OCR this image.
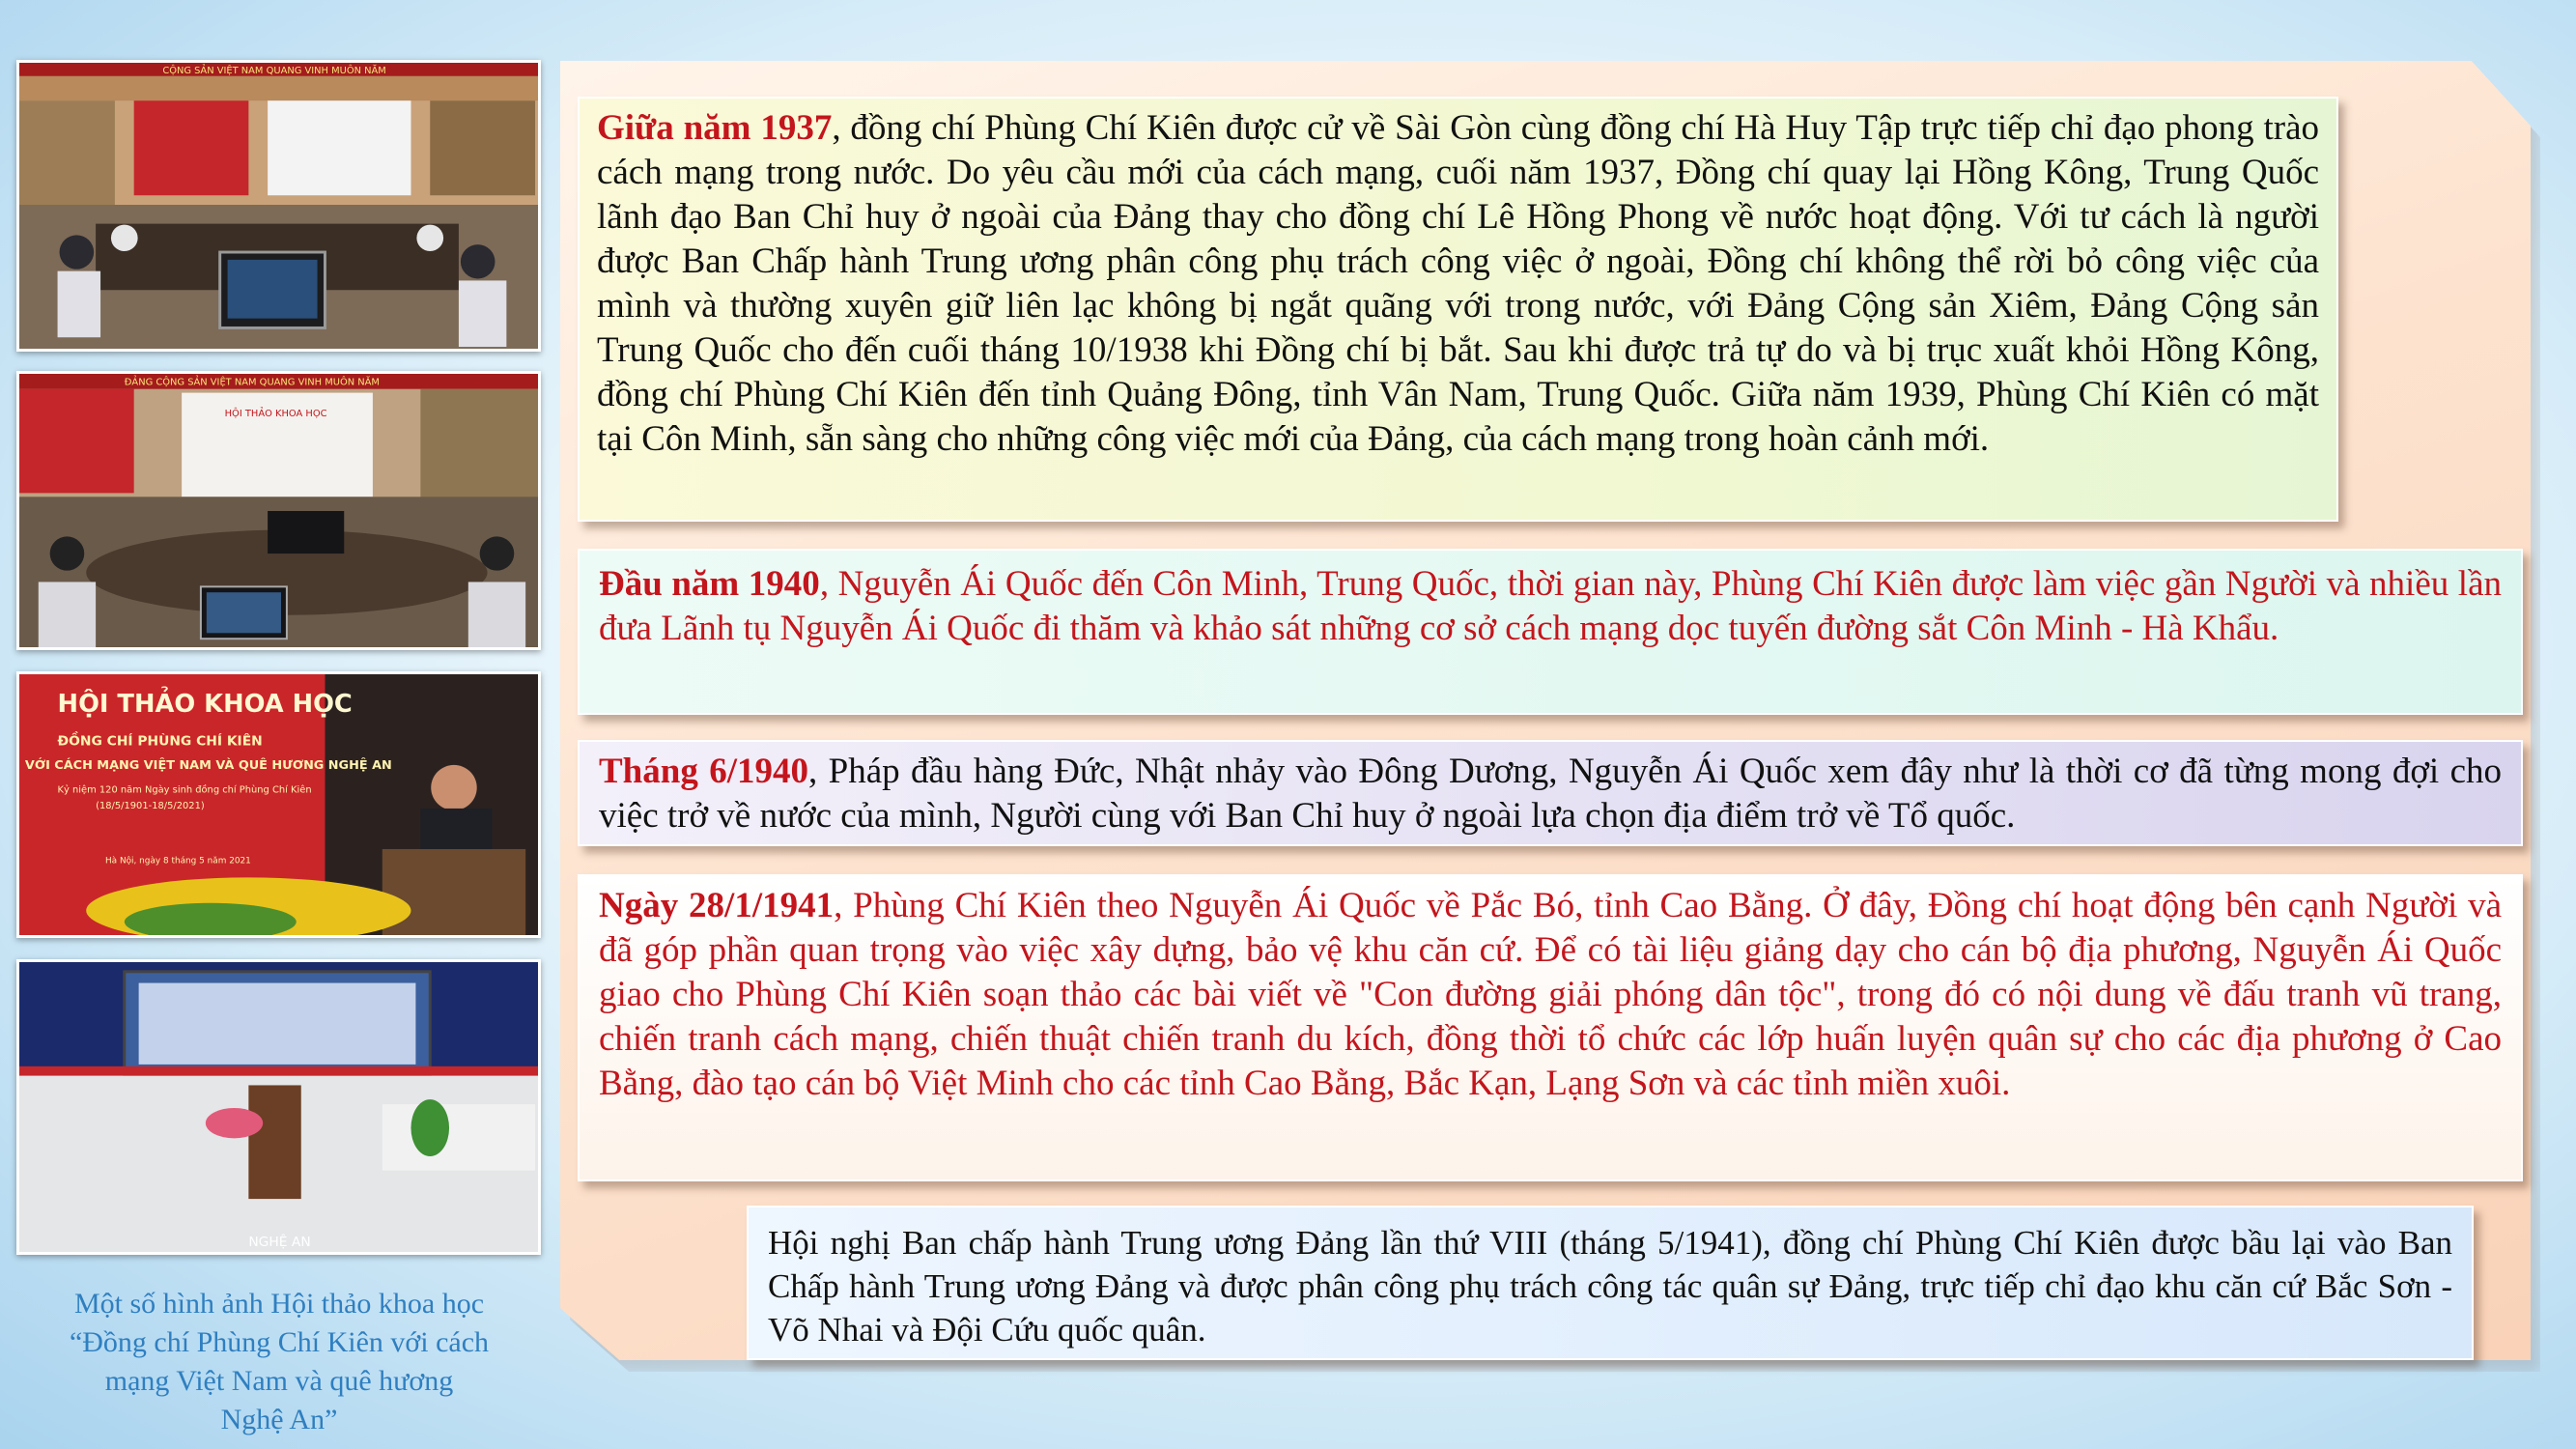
CỘNG SẢN VIỆT NAM QUANG VINH MUÔN NĂM
ĐẢNG CỘNG SẢN VIỆT NAM QUANG VINH MUÔN NĂM
HỘI THẢO KHOA HỌC
HỘI THẢO KHOA HỌC
ĐỒNG CHÍ PHÙNG CHÍ KIÊN
VỚI CÁCH MẠNG VIỆT NAM VÀ QUÊ HƯƠNG NGHỆ AN
Kỷ niệm 120 năm Ngày sinh đồng chí Phùng Chí Kiên
(18/5/1901-18/5/2021)
Hà Nội, ngày 8 tháng 5 năm 2021
NGHỆ AN
Một số hình ảnh Hội thảo khoa học
“Đồng chí Phùng Chí Kiên với cách
mạng Việt Nam và quê hương
Nghệ An”
Giữa năm 1937, đồng chí Phùng Chí Kiên được cử về Sài Gòn cùng đồng chí Hà Huy Tập trực tiếp chỉ đạo phong trào cách mạng trong nước. Do yêu cầu mới của cách mạng, cuối năm 1937, Đồng chí quay lại Hồng Kông, Trung Quốc lãnh đạo Ban Chỉ huy ở ngoài của Đảng thay cho đồng chí Lê Hồng Phong về nước hoạt động. Với tư cách là người được Ban Chấp hành Trung ương phân công phụ trách công việc ở ngoài, Đồng chí không thể rời bỏ công việc của mình và thường xuyên giữ liên lạc không bị ngắt quãng với trong nước, với Đảng Cộng sản Xiêm, Đảng Cộng sản Trung Quốc cho đến cuối tháng 10/1938 khi Đồng chí bị bắt. Sau khi được trả tự do và bị trục xuất khỏi Hồng Kông, đồng chí Phùng Chí Kiên đến tỉnh Quảng Đông, tỉnh Vân Nam, Trung Quốc. Giữa năm 1939, Phùng Chí Kiên có mặt tại Côn Minh, sẵn sàng cho những công việc mới của Đảng, của cách mạng trong hoàn cảnh mới.
Đầu năm 1940, Nguyễn Ái Quốc đến Côn Minh, Trung Quốc, thời gian này, Phùng Chí Kiên được làm việc gần Người và nhiều lần đưa Lãnh tụ Nguyễn Ái Quốc đi thăm và khảo sát những cơ sở cách mạng dọc tuyến đường sắt Côn Minh - Hà Khẩu.
Tháng 6/1940, Pháp đầu hàng Đức, Nhật nhảy vào Đông Dương, Nguyễn Ái Quốc xem đây như là thời cơ đã từng mong đợi cho việc trở về nước của mình, Người cùng với Ban Chỉ huy ở ngoài lựa chọn địa điểm trở về Tổ quốc.
Ngày 28/1/1941, Phùng Chí Kiên theo Nguyễn Ái Quốc về Pắc Bó, tỉnh Cao Bằng. Ở đây, Đồng chí hoạt động bên cạnh Người và đã góp phần quan trọng vào việc xây dựng, bảo vệ khu căn cứ. Để có tài liệu giảng dạy cho cán bộ địa phương, Nguyễn Ái Quốc giao cho Phùng Chí Kiên soạn thảo các bài viết về "Con đường giải phóng dân tộc", trong đó có nội dung về đấu tranh vũ trang, chiến tranh cách mạng, chiến thuật chiến tranh du kích, đồng thời tổ chức các lớp huấn luyện quân sự cho các địa phương ở Cao Bằng, đào tạo cán bộ Việt Minh cho các tỉnh Cao Bằng, Bắc Kạn, Lạng Sơn và các tỉnh miền xuôi.
Hội nghị Ban chấp hành Trung ương Đảng lần thứ VIII (tháng 5/1941), đồng chí Phùng Chí Kiên được bầu lại vào Ban Chấp hành Trung ương Đảng và được phân công phụ trách công tác quân sự Đảng, trực tiếp chỉ đạo khu căn cứ Bắc Sơn - Võ Nhai và Đội Cứu quốc quân.
